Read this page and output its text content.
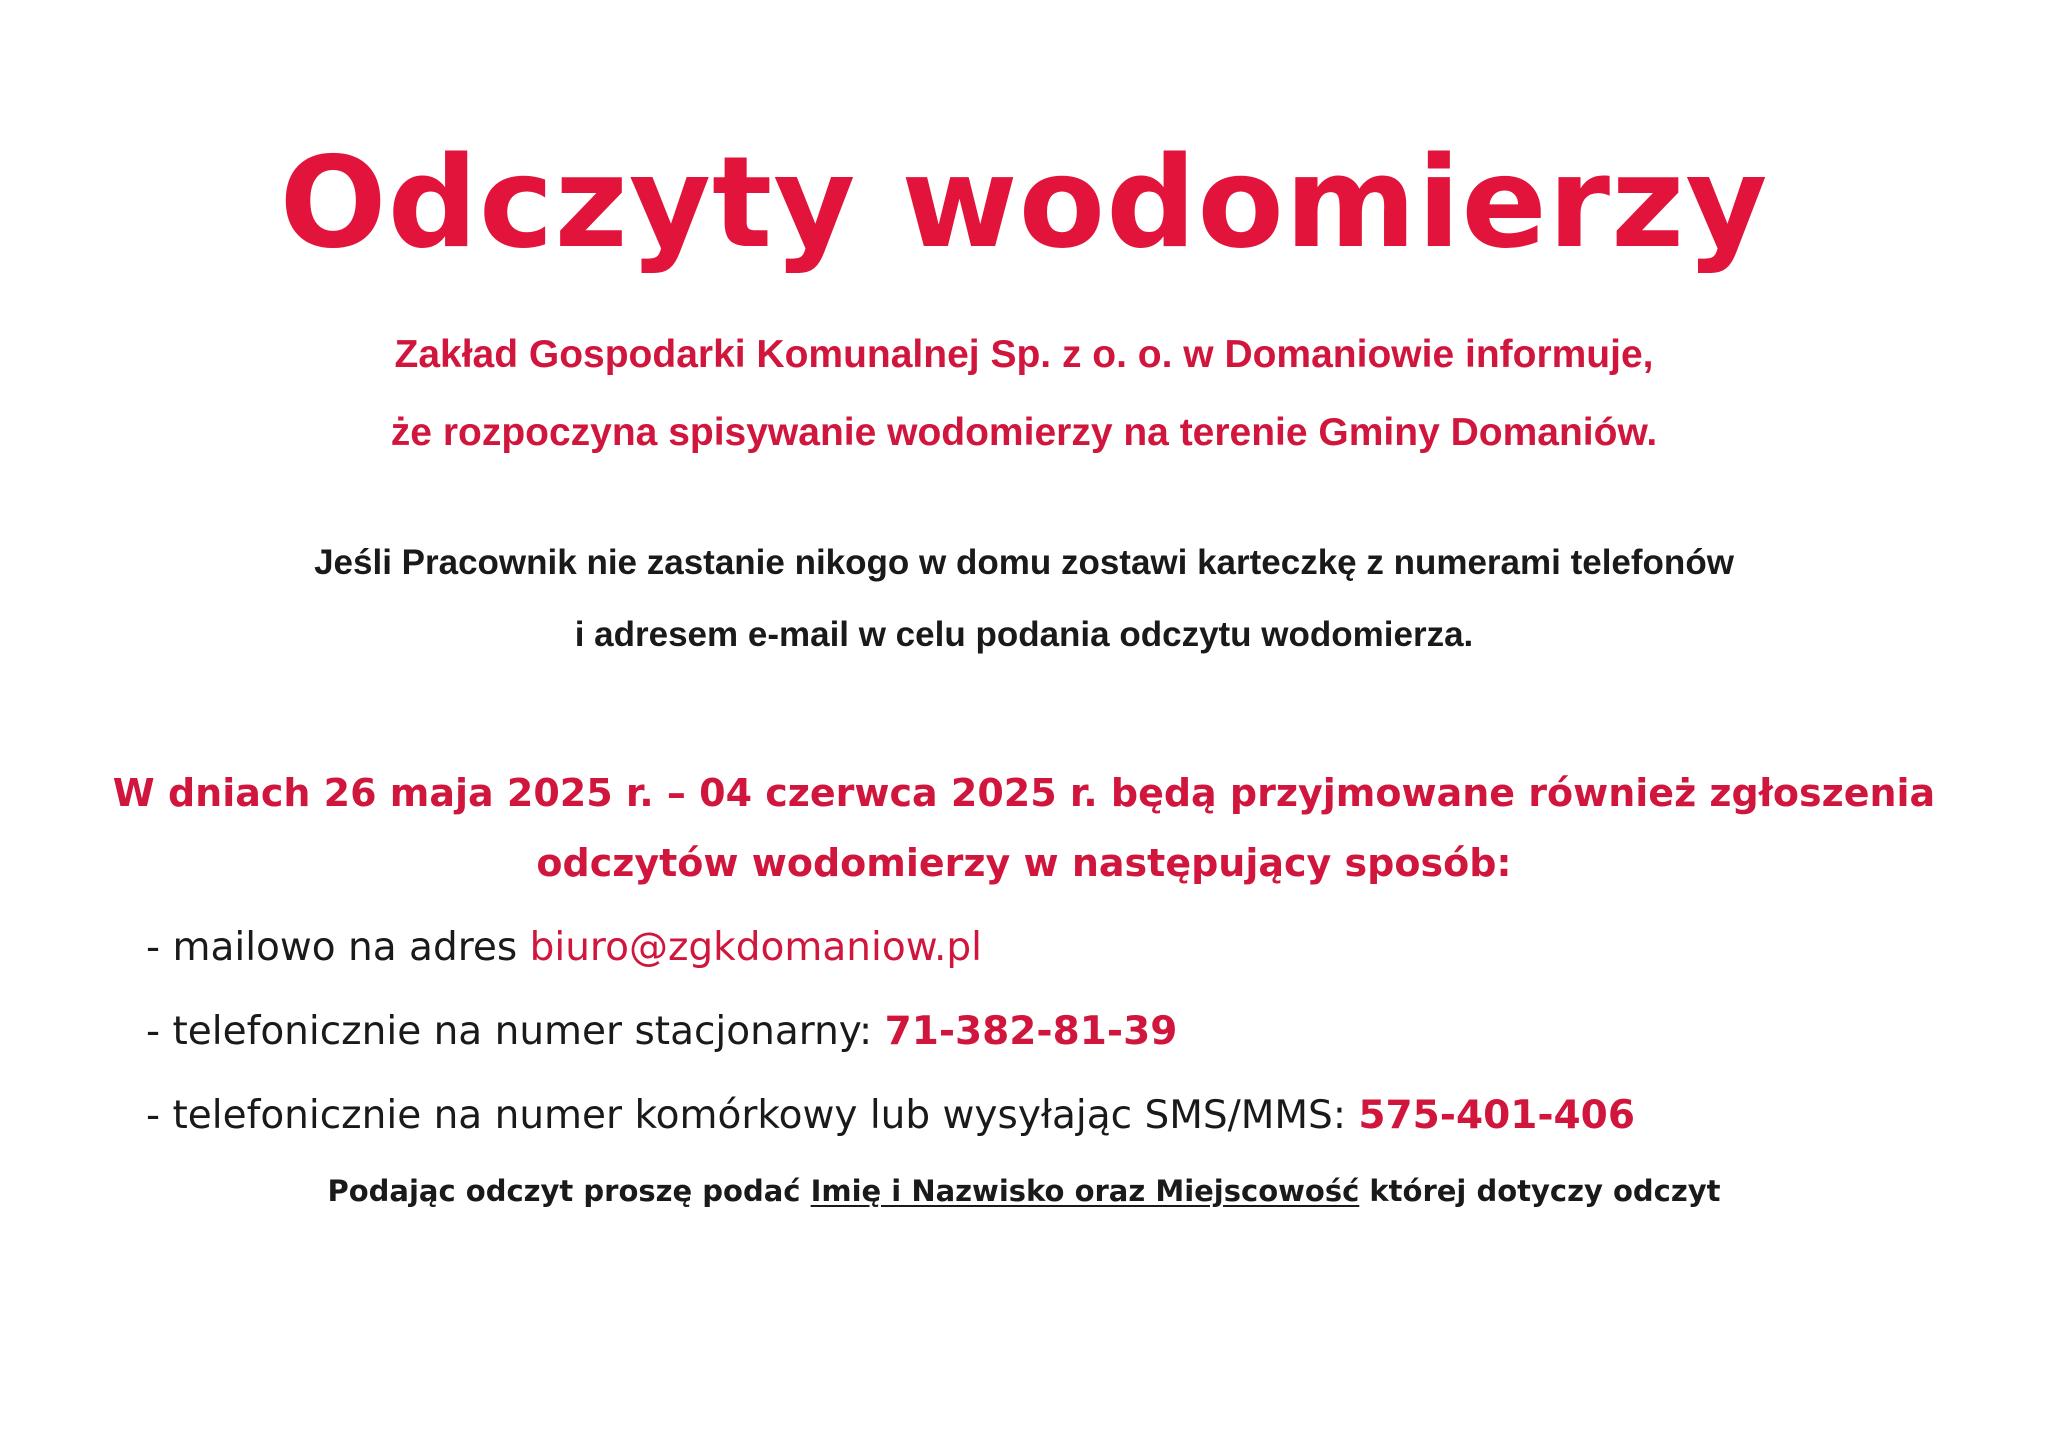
Odczyty wodomierzy

Zakład Gospodarki Komunalnej Sp. z o. o. w Domaniowie informuje,

że rozpoczyna spisywanie wodomierzy na terenie Gminy Domaniów.

Jeśli Pracownik nie zastanie nikogo w domu zostawi karteczkę z numerami telefonów

i adresem e-mail w celu podania odczytu wodomierza.

W dniach 26 maja 2025 r. – 04 czerwca 2025 r. będą przyjmowane również zgłoszenia

odczytów wodomierzy w następujący sposób:

- mailowo na adres biuro@zgkdomaniow.pl

- telefonicznie na numer stacjonarny: 71-382-81-39

- telefonicznie na numer komórkowy lub wysyłając SMS/MMS: 575-401-406

Podając odczyt proszę podać Imię i Nazwisko oraz Miejscowość której dotyczy odczyt
